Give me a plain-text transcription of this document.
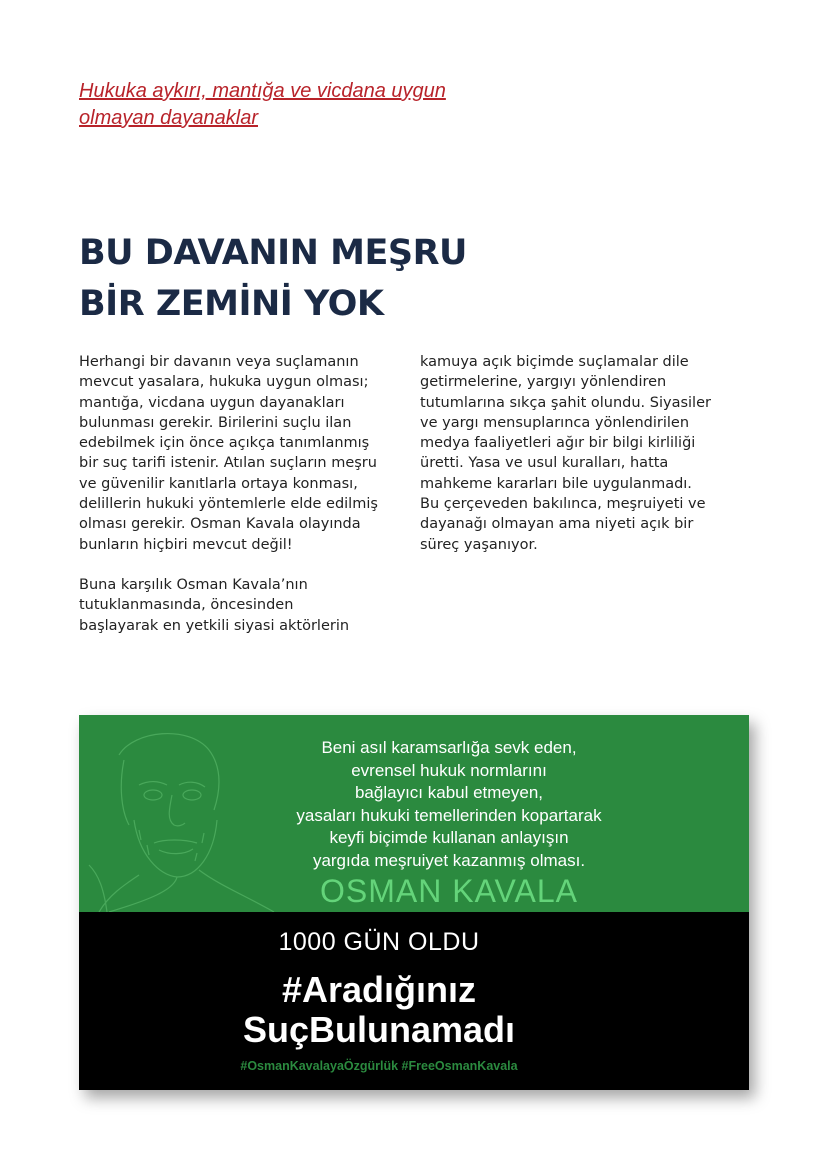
Hukuka aykırı, mantığa ve vicdana uygun
olmayan dayanaklar
BU DAVANIN MEŞRU
BİR ZEMİNİ YOK
Herhangi bir davanın veya suçlamanın
mevcut yasalara, hukuka uygun olması;
mantığa, vicdana uygun dayanakları
bulunması gerekir. Birilerini suçlu ilan
edebilmek için önce açıkça tanımlanmış
bir suç tarifi istenir. Atılan suçların meşru
ve güvenilir kanıtlarla ortaya konması,
delillerin hukuki yöntemlerle elde edilmiş
olması gerekir. Osman Kavala olayında
bunların hiçbiri mevcut değil!
Buna karşılık Osman Kavala’nın
tutuklanmasında, öncesinden
başlayarak en yetkili siyasi aktörlerin
kamuya açık biçimde suçlamalar dile
getirmelerine, yargıyı yönlendiren
tutumlarına sıkça şahit olundu. Siyasiler
ve yargı mensuplarınca yönlendirilen
medya faaliyetleri ağır bir bilgi kirliliği
üretti. Yasa ve usul kuralları, hatta
mahkeme kararları bile uygulanmadı.
Bu çerçeveden bakılınca, meşruiyeti ve
dayanağı olmayan ama niyeti açık bir
süreç yaşanıyor.
Beni asıl karamsarlığa sevk eden,
evrensel hukuk normlarını
bağlayıcı kabul etmeyen,
yasaları hukuki temellerinden kopartarak
keyfi biçimde kullanan anlayışın
yargıda meşruiyet kazanmış olması.
OSMAN KAVALA
1000 GÜN OLDU
#Aradığınız
SuçBulunamadı
#OsmanKavalayaÖzgürlük #FreeOsmanKavala
